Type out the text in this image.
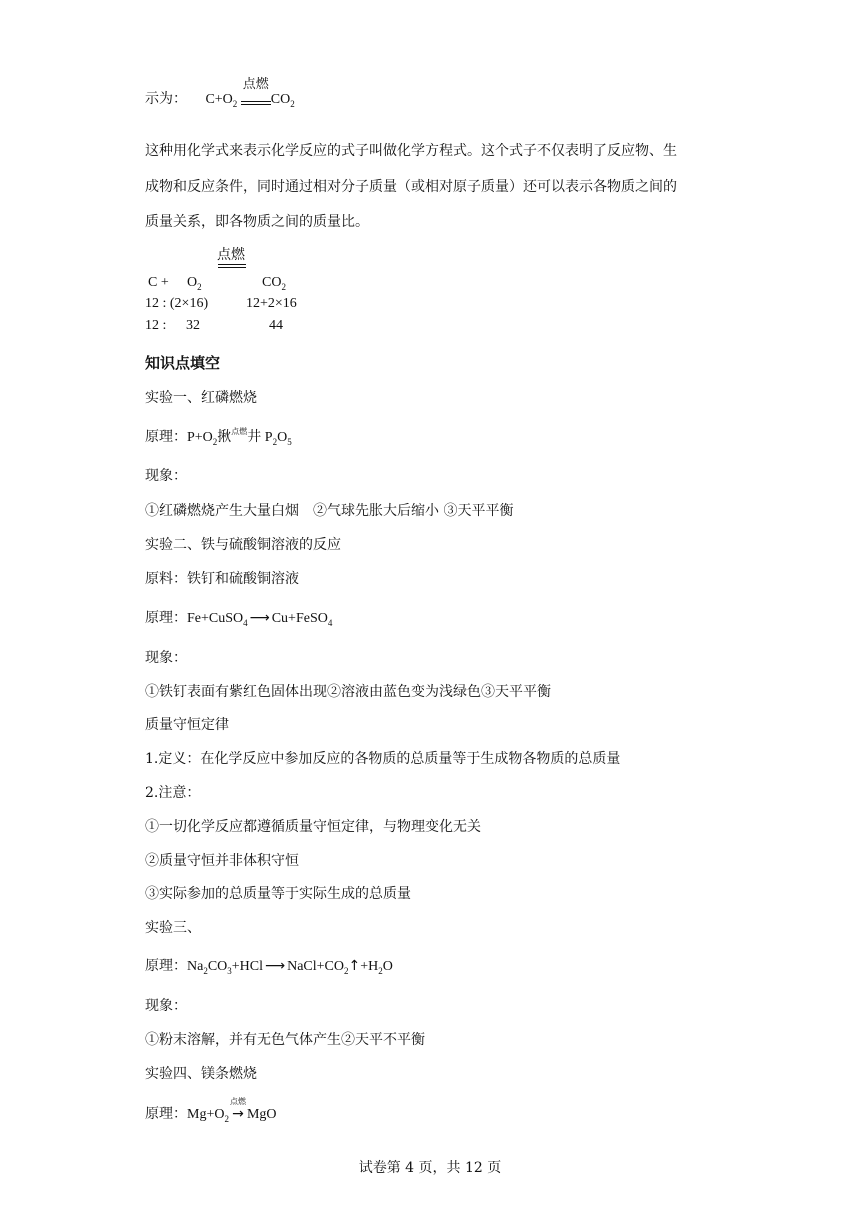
示为： $C+O_2$
点燃
$CO_2$
这种用化学式来表示化学反应的式子叫做化学方程式。这个式子不仅表明了反应物、生
成物和反应条件，同时通过相对分子质量（或相对原子质量）还可以表示各物质之间的
质量关系，即各物质之间的质量比。
点燃
$C + O_2$	$CO_2$
12 : (2×16)	12+2×16
12 : 32	44
知识点填空
实验一、红磷燃烧
原理：$P+O_2$揪$^{点燃}$井 $P_2O_5$
现象：
①红磷燃烧产生大量白烟　②气球先胀大后缩小 ③天平平衡
实验二、铁与硫酸铜溶液的反应
原料：铁钉和硫酸铜溶液
原理：Fe+CuSO$_4$ ⟶ Cu+FeSO$_4$
现象：
①铁钉表面有紫红色固体出现②溶液由蓝色变为浅绿色③天平平衡
质量守恒定律
1.定义：在化学反应中参加反应的各物质的总质量等于生成物各物质的总质量
2.注意：
①一切化学反应都遵循质量守恒定律，与物理变化无关
②质量守恒并非体积守恒
③实际参加的总质量等于实际生成的总质量
实验三、
原理：$Na_2CO_3+HCl$ ⟶ $NaCl+CO_2↑+H_2O$
现象：
①粉末溶解，并有无色气体产生②天平不平衡
实验四、镁条燃烧
原理：$Mg+O_2$
点燃
→ MgO
试卷第 4 页，共 12 页
